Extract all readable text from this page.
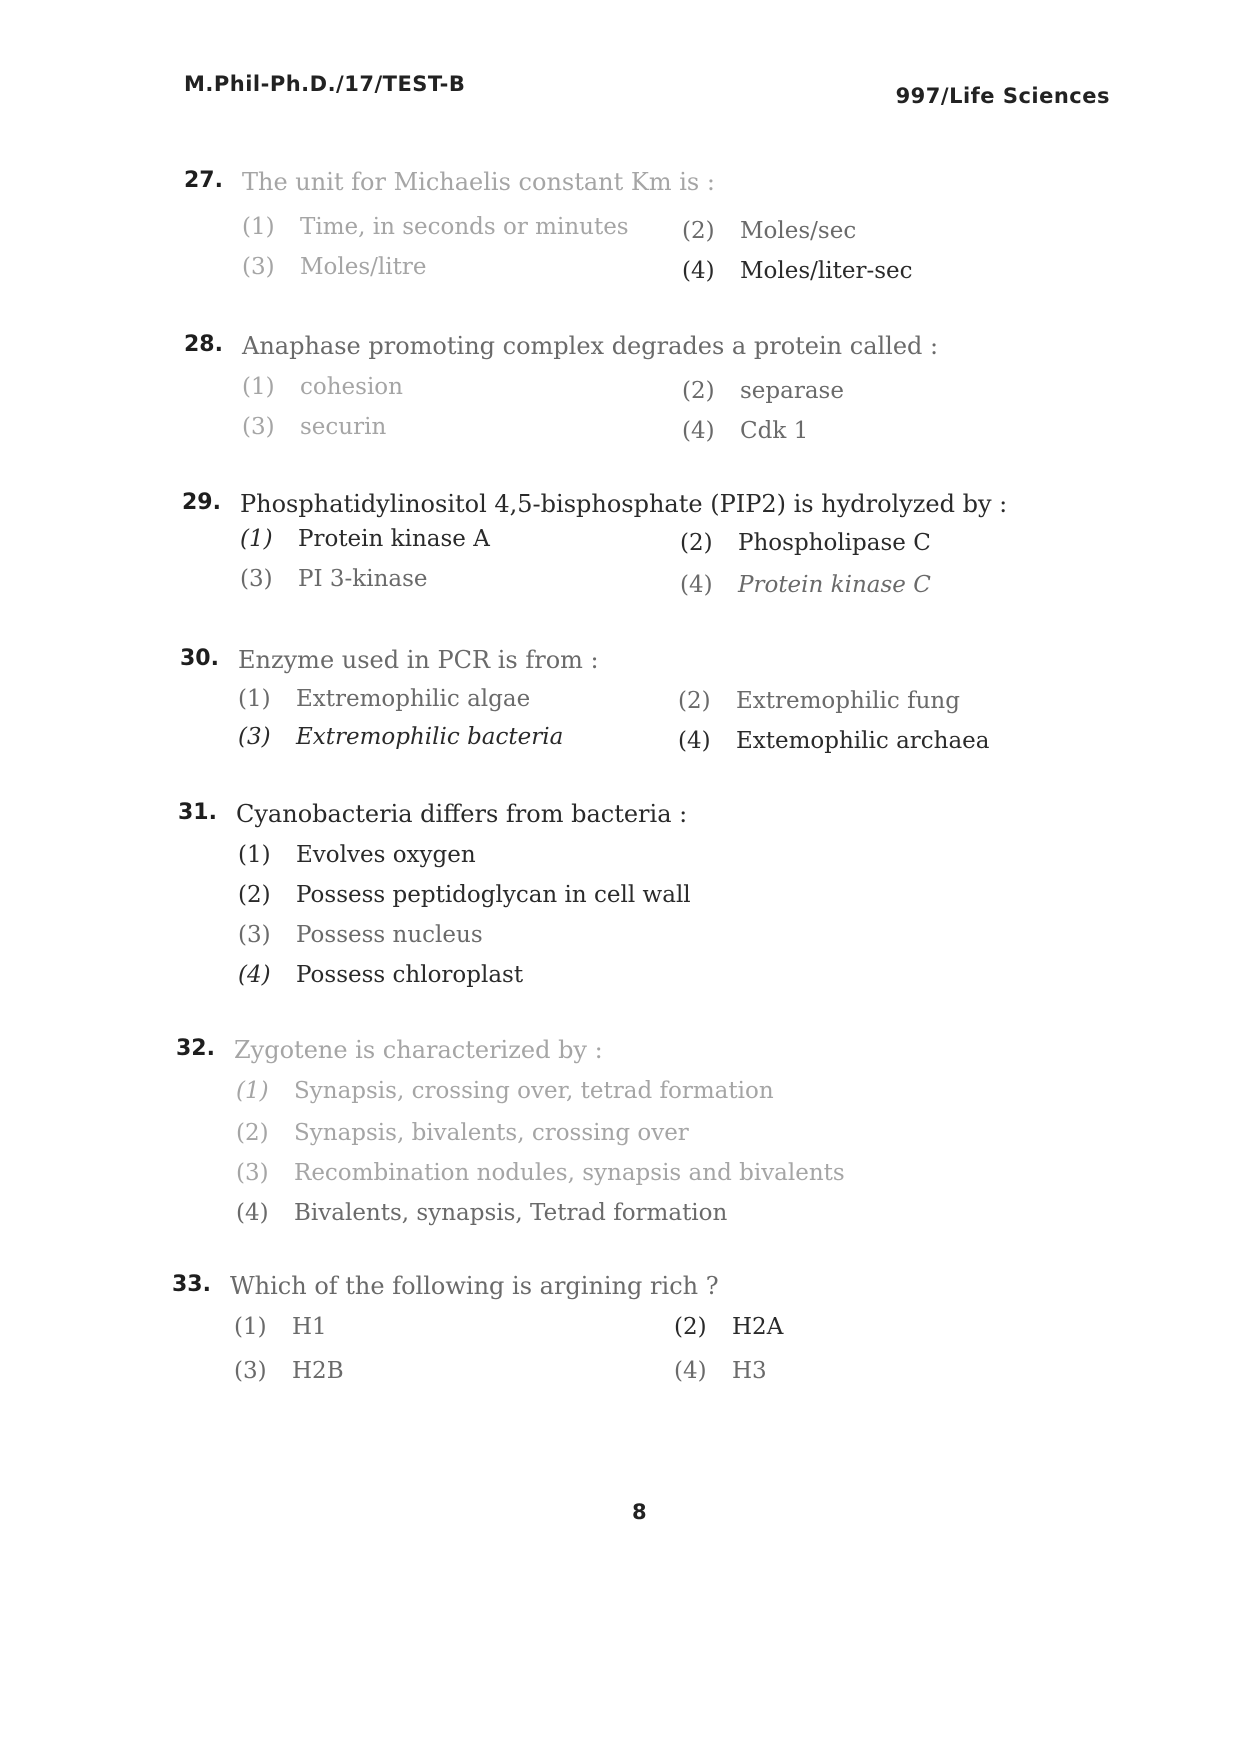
M.Phil-Ph.D./17/TEST-B	997/Life Sciences
27. The unit for Michaelis constant Km is :
(1) Time, in seconds or minutes (2) Moles/sec
(3) Moles/litre	(4) Moles/liter-sec
28. Anaphase promoting complex degrades a protein called :
(1) cohesion	(2) separase
(3) securin	(4) Cdk 1
29. Phosphatidylinositol 4,5-bisphosphate (PIP2) is hydrolyzed by :
(1) Protein kinase A	(2) Phospholipase C
(3) PI 3-kinase	(4) Protein kinase C
30. Enzyme used in PCR is from :
(1) Extremophilic algae	(2) Extremophilic fung
(3) Extremophilic bacteria	(4) Extemophilic archaea
31. Cyanobacteria differs from bacteria :
(1) Evolves oxygen
(2) Possess peptidoglycan in cell wall
(3) Possess nucleus
(4) Possess chloroplast
32. Zygotene is characterized by :
(1) Synapsis, crossing over, tetrad formation
(2) Synapsis, bivalents, crossing over
(3) Recombination nodules, synapsis and bivalents
(4) Bivalents, synapsis, Tetrad formation
33. Which of the following is argining rich ?
(1) H1	(2) H2A
(3) H2B	(4) H3
8
